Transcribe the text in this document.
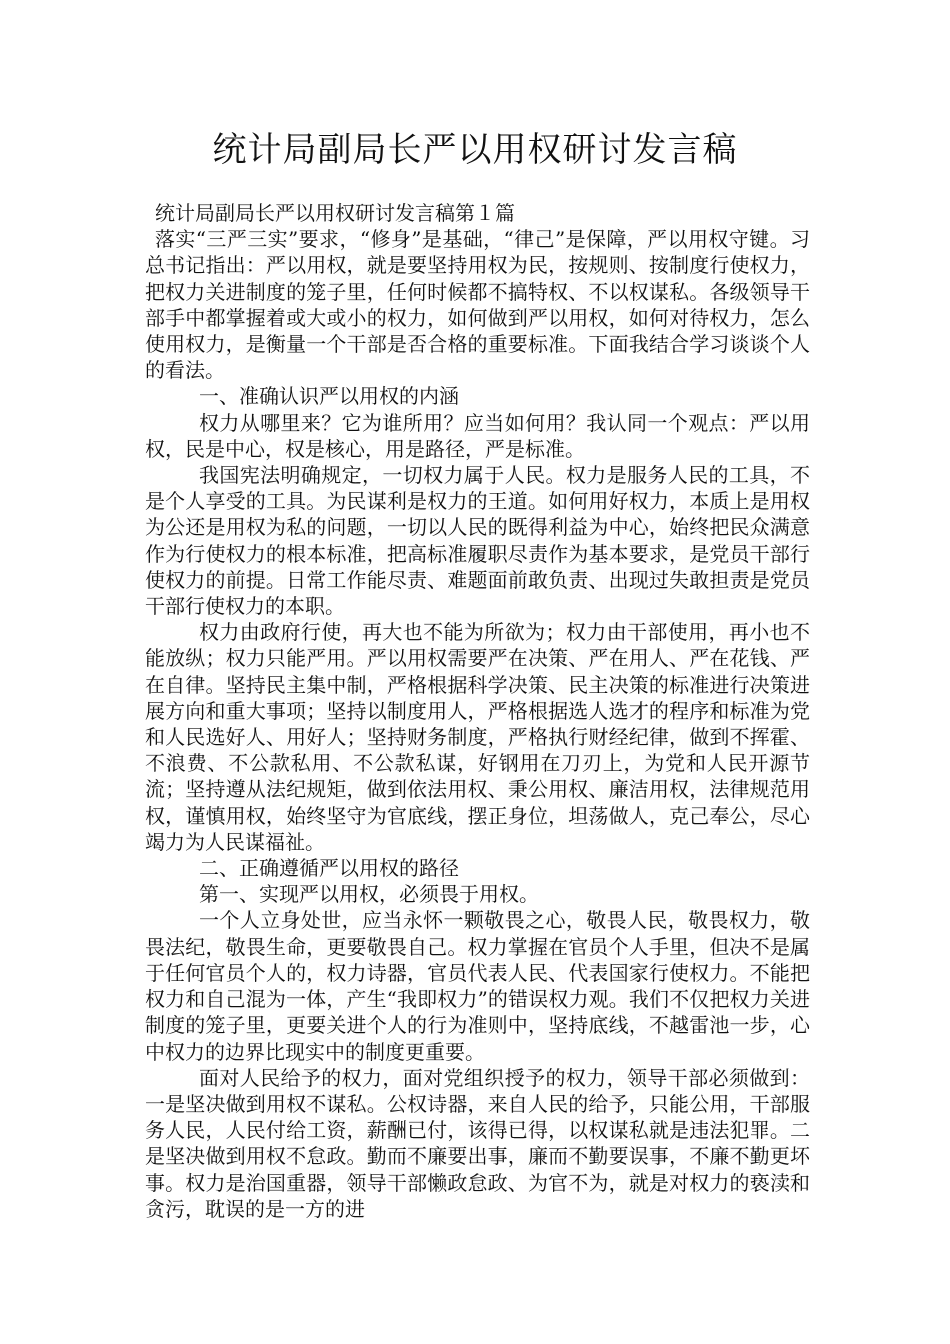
统计局副局长严以用权研讨发言稿

统计局副局长严以用权研讨发言稿第１篇

落实“三严三实”要求，“修身”是基础，“律己”是保障，严以用权守键。习总书记指出：严以用权，就是要坚持用权为民，按规则、按制度行使权力，把权力关进制度的笼子里，任何时候都不搞特权、不以权谋私。各级领导干部手中都掌握着或大或小的权力，如何做到严以用权，如何对待权力，怎么使用权力，是衡量一个干部是否合格的重要标准。下面我结合学习谈谈个人的看法。

一、准确认识严以用权的内涵

权力从哪里来？它为谁所用？应当如何用？我认同一个观点：严以用权，民是中心，权是核心，用是路径，严是标准。

我国宪法明确规定，一切权力属于人民。权力是服务人民的工具，不是个人享受的工具。为民谋利是权力的王道。如何用好权力，本质上是用权为公还是用权为私的问题，一切以人民的既得利益为中心，始终把民众满意作为行使权力的根本标准，把高标准履职尽责作为基本要求，是党员干部行使权力的前提。日常工作能尽责、难题面前敢负责、出现过失敢担责是党员干部行使权力的本职。

权力由政府行使，再大也不能为所欲为；权力由干部使用，再小也不能放纵；权力只能严用。严以用权需要严在决策、严在用人、严在花钱、严在自律。坚持民主集中制，严格根据科学决策、民主决策的标准进行决策进展方向和重大事项；坚持以制度用人，严格根据选人选才的程序和标准为党和人民选好人、用好人；坚持财务制度，严格执行财经纪律，做到不挥霍、不浪费、不公款私用、不公款私谋，好钢用在刀刃上，为党和人民开源节流；坚持遵从法纪规矩，做到依法用权、秉公用权、廉洁用权，法律规范用权，谨慎用权，始终坚守为官底线，摆正身位，坦荡做人，克己奉公，尽心竭力为人民谋福祉。

二、正确遵循严以用权的路径

第一、实现严以用权，必须畏于用权。

一个人立身处世，应当永怀一颗敬畏之心，敬畏人民，敬畏权力，敬畏法纪，敬畏生命，更要敬畏自己。权力掌握在官员个人手里，但决不是属于任何官员个人的，权力诗器，官员代表人民、代表国家行使权力。不能把权力和自己混为一体，产生“我即权力”的错误权力观。我们不仅把权力关进制度的笼子里，更要关进个人的行为准则中，坚持底线，不越雷池一步，心中权力的边界比现实中的制度更重要。

面对人民给予的权力，面对党组织授予的权力，领导干部必须做到：一是坚决做到用权不谋私。公权诗器，来自人民的给予，只能公用，干部服务人民，人民付给工资，薪酬已付，该得已得，以权谋私就是违法犯罪。二是坚决做到用权不怠政。勤而不廉要出事，廉而不勤要误事，不廉不勤更坏事。权力是治国重器，领导干部懒政怠政、为官不为，就是对权力的亵渎和贪污，耽误的是一方的进
